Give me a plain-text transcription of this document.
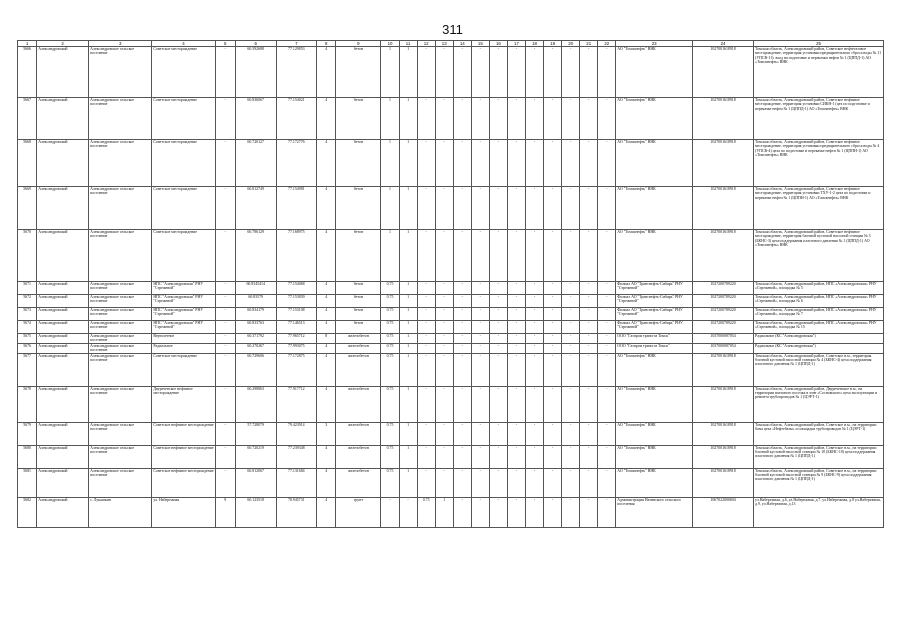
311
1	2	3	4	5	6	7	8	9	10	11	12	13	14	15	16	17	18	19	20	21	22	23	24	25
5666	Александровский	Александровское сельское поселение	Советское месторождение	-	60.592688	77.129853	4	бетон	1	1	-	-	-	-	-	-	-	-	-	-	-	АО "Томскнефть" ВНК	1027001618918	Томская область, Александровский район, Советское нефтегазовое месторождение, территория установки предварительного сброса воды № 11 (УПСВ-11): вход на подготовке и перекачки нефти № 1 (ЦППД-1) АО «Томскнефть» ВНК
5667	Александровский	Александровское сельское поселение	Советское месторождение	-	60.836067	77.154021	4	бетон	1	1	-	-	-	-	-	-	-	-	-	-	-	АО "Томскнефть" ВНК	1027001618918	Томская область, Александровский район, Советское нефтяное месторождение, территория установки СИКН-1 (цех по подготовке и перекачке нефти № 1 (ЦППД-1) АО «Томскнефть» ВНК
5668	Александровский	Александровское сельское поселение	Советское месторождение	-	60.720127	77.172776	4	бетон	1	1	-	-	-	-	-	-	-	-	-	-	-	АО "Томскнефть" ВНК	1027001618918	Томская область, Александровский район, Советское нефтяное месторождение, территория установки предварительного сброса воды № 4 (УПСВ-4) цеха по подготовке и перекачке нефти № 1 (ЦППН-1) АО «Томскнефть» ВНК
5669	Александровский	Александровское сельское поселение	Советское месторождение	-	60.812749	77.154981	4	бетон	1	1	-	-	-	-	-	-	-	-	-	-	-	АО "Томскнефть" ВНК	1027001618918	Томская область, Александровский район, Советское нефтяное месторождение, территория установки ТХУ-1-2 цеха по подготовке и перекачке нефти № 1 (ЦППН-1) АО «Томскнефть» ВНК
5670	Александровский	Александровское сельское поселение	Советское месторождение	-	60.786129	77.168975	4	бетон	1	1	-	-	-	-	-	-	-	-	-	-	-	АО "Томскнефть" ВНК	1027001618918	Томская область, Александровский район, Советское нефтяное месторождение, территория блочной кустовой насосной станции № 3 (БКНС-3) цеха поддержания пластового давления № 1 (ЦППД-1) АО «Томскнефть» ВНК
5671	Александровский	Александровское сельское поселение	НПС "Александровская" РНУ "Стрежевой"	-	60.8345414	77.154068	4	бетон	0.75	1	-	-	-	-	-	-	-	-	-	-	-	Филиал АО "Транснефть-Сибирь" РНУ "Стрежевой"	1027200789220	Томская область, Александровский район, НПС «Александровская» РНУ «Стрежевой», площадка № 5
5672	Александровский	Александровское сельское поселение	НПС "Александровская" РНУ "Стрежевой"	-	60.83579	77.153839	4	бетон	0.75	1	-	-	-	-	-	-	-	-	-	-	-	Филиал АО "Транснефть-Сибирь" РНУ "Стрежевой"	1027200789220	Томская область, Александровский район, НПС «Александровская» РНУ «Стрежевой», площадка № 6
5673	Александровский	Александровское сельское поселение	НПС "Александровская" РНУ "Стрежевой"	-	60.834179	77.153108	4	бетон	0.75	1	-	-	-	-	-	-	-	-	-	-	-	Филиал АО "Транснефть-Сибирь" РНУ "Стрежевой"	1027200789220	Томская область, Александровский район, НПС «Александровская» РНУ «Стрежевой», площадка № 7
5674	Александровский	Александровское сельское поселение	НПС "Александровская" РНУ "Стрежевой"	-	60.833763	77.146513	4	бетон	0.75	1	-	-	-	-	-	-	-	-	-	-	-	Филиал АО "Транснефть-Сибирь" РНУ "Стрежевой"	1027200789220	Томская область, Александровский район, НПС «Александровская» РНУ «Стрежевой», площадка № 15
5675	Александровский	Александровское сельское поселение	Вертолетное	-	60.371792	77.965712	8	железобетон	0.75	1	-	-	-	-	-	-	-	-	-	-	-	ООО "Газпром трансгаз Томск"	1037000087054	Радиальное (КС "Александровская")
5676	Александровский	Александровское сельское поселение	Радиальное	-	60.270267	77.993075	4	железобетон	0.75	1	-	-	-	-	-	-	-	-	-	-	-	ООО "Газпром трансгаз Томск"	1037000087054	Радиальное (КС "Александровская")
5677	Александровский	Александровское сельское поселение	Советское месторождение	-	60.729606	77.172875	4	железобетон	0.75	1	-	-	-	-	-	-	-	-	-	-	-	АО "Томскнефть" ВНК	1027001618918	Томская область, Александровский район, Советское н.м., территория блочной кустовой насосной станции № 4 (БКНС-4) цеха поддержания пластового давления № 1 (ЦППД-1)
5678	Александровский	Александровское сельское поселение	Двуреченское нефтяное месторождение	-	60.298863	77.917712	4	железобетон	0.75	1	-	-	-	-	-	-	-	-	-	-	-	АО "Томскнефть" ВНК	1027001618918	Томская область, Александровский район, Двуреченское н.м., на территории вахтового поселка в зоне «Сосновского» цеха эксплуатации и ремонта трубопроводов № 1 (ЦЭРТ-1)
5679	Александровский	Александровское сельское поселение	Советское нефтяное месторождение	-	57.728079	79.423914	3	железобетон	0.75	1	-	-	-	-	-	-	-	-	-	-	-	АО "Томскнефть" ВНК	1027001618918	Томская область, Александровский район, Советское н.м., на территории базы цеха «Нефтебазы» и площадки трубопроводов № 1 (ЦЭРТ-1)
5680	Александровский	Александровское сельское поселение	Советское нефтяное месторождение	-	60.720219	77.239348	4	железобетон	0.75	1	-	-	-	-	-	-	-	-	-	-	-	АО "Томскнефть" ВНК	1027001618918	Томская область, Александровский район, Советское н.м., на территории блочной кустовой насосной станции № 10 (БКНС-10) цеха поддержания пластового давления № 1 (ЦППД-1)
5681	Александровский	Александровское сельское поселение	Советское нефтяное месторождение	-	60.812067	77.131684	4	железобетон	0.75	1	-	-	-	-	-	-	-	-	-	-	-	АО "Томскнефть" ВНК	1027001618918	Томская область, Александровский район, Советское н.м., на территории блочной кустовой насосной станции № 9 (БКНС-9) цеха поддержания пластового давления № 1 (ЦППД-1)
5682	Александровский	с. Лукашкин	ул. Набережная	9	60.123518	78.945731	4	грунт	-	-	0.75	1	-	-	-	-	-	-	-	-	-	Администрация Назинского сельского поселения	1067022000694	ул.Набережная, д.6, ул.Набережная, д.7, ул.Набережная, д.8 ул.Набережная, д.9, ул.Набережная, д.13
